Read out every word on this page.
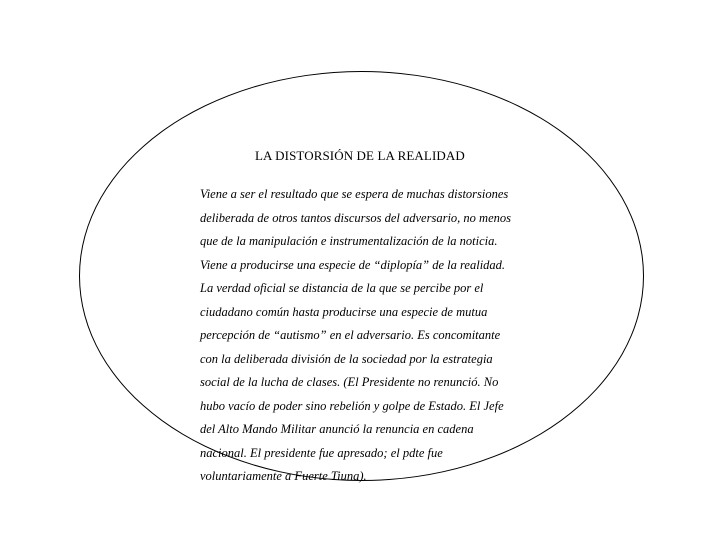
LA DISTORSIÓN DE LA REALIDAD
Viene a ser el resultado que se espera de muchas distorsiones
deliberada de otros tantos discursos del adversario, no menos
que de la manipulación e instrumentalización de la noticia.
Viene a producirse una especie de “diplopía” de la realidad.
La verdad oficial se distancia de la que se percibe por el
ciudadano común hasta producirse una especie de mutua
percepción de “autismo” en el adversario. Es concomitante
con la deliberada división de la sociedad por la estrategia
social de la lucha de clases. (El Presidente no renunció. No
hubo vacío de poder sino rebelión y golpe de Estado. El Jefe
del Alto Mando Militar anunció la renuncia en cadena
nacional. El presidente fue apresado; el pdte fue
voluntariamente a Fuerte Tiuna).
